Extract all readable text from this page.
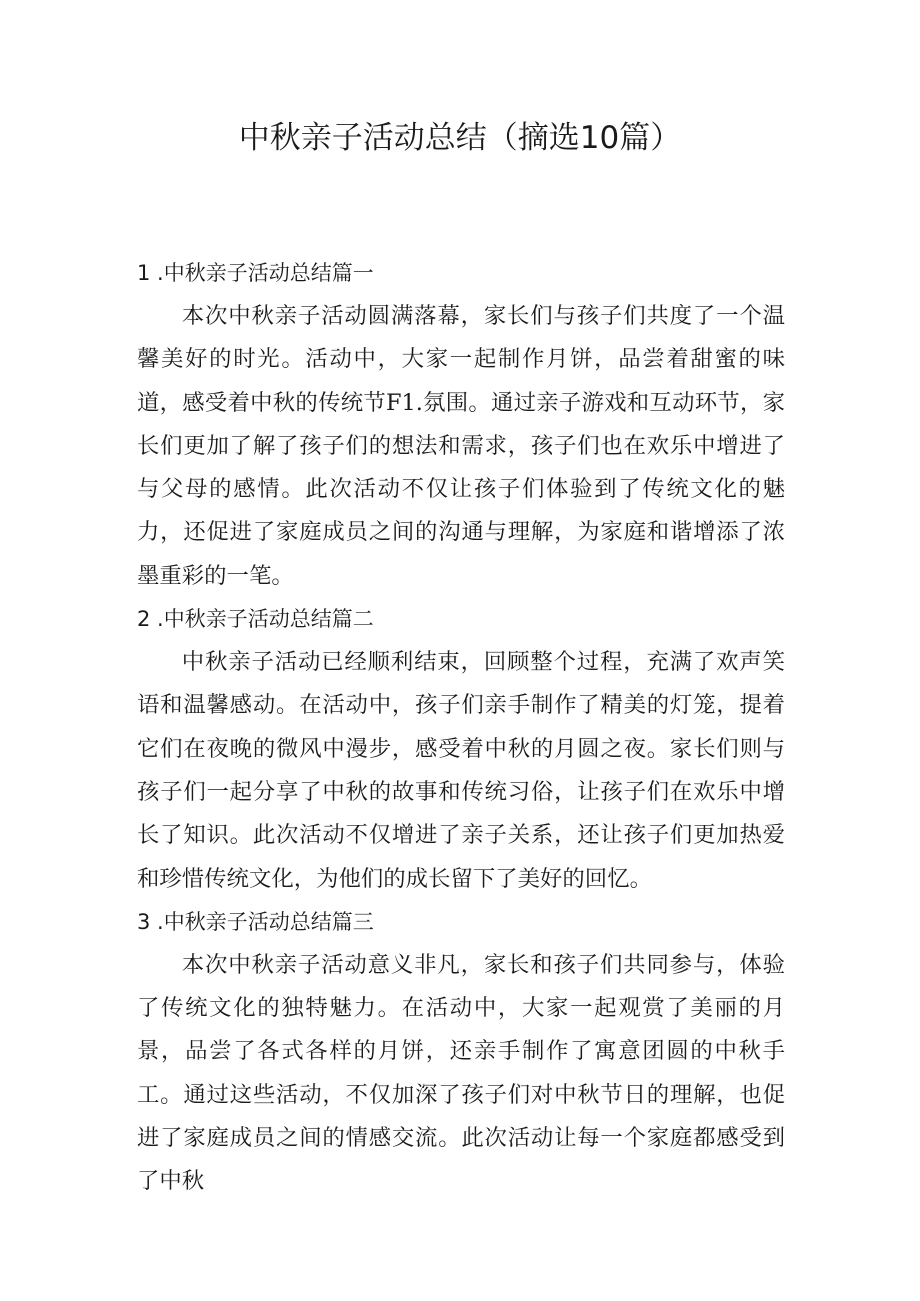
中秋亲子活动总结（摘选10篇）

1 .中秋亲子活动总结篇一

本次中秋亲子活动圆满落幕，家长们与孩子们共度了一个温馨美好的时光。活动中，大家一起制作月饼，品尝着甜蜜的味道，感受着中秋的传统节F1.氛围。通过亲子游戏和互动环节，家长们更加了解了孩子们的想法和需求，孩子们也在欢乐中增进了与父母的感情。此次活动不仅让孩子们体验到了传统文化的魅力，还促进了家庭成员之间的沟通与理解，为家庭和谐增添了浓墨重彩的一笔。

2 .中秋亲子活动总结篇二

中秋亲子活动已经顺利结束，回顾整个过程，充满了欢声笑语和温馨感动。在活动中，孩子们亲手制作了精美的灯笼，提着它们在夜晚的微风中漫步，感受着中秋的月圆之夜。家长们则与孩子们一起分享了中秋的故事和传统习俗，让孩子们在欢乐中增长了知识。此次活动不仅增进了亲子关系，还让孩子们更加热爱和珍惜传统文化，为他们的成长留下了美好的回忆。

3 .中秋亲子活动总结篇三

本次中秋亲子活动意义非凡，家长和孩子们共同参与，体验了传统文化的独特魅力。在活动中，大家一起观赏了美丽的月景，品尝了各式各样的月饼，还亲手制作了寓意团圆的中秋手工。通过这些活动，不仅加深了孩子们对中秋节日的理解，也促进了家庭成员之间的情感交流。此次活动让每一个家庭都感受到了中秋
